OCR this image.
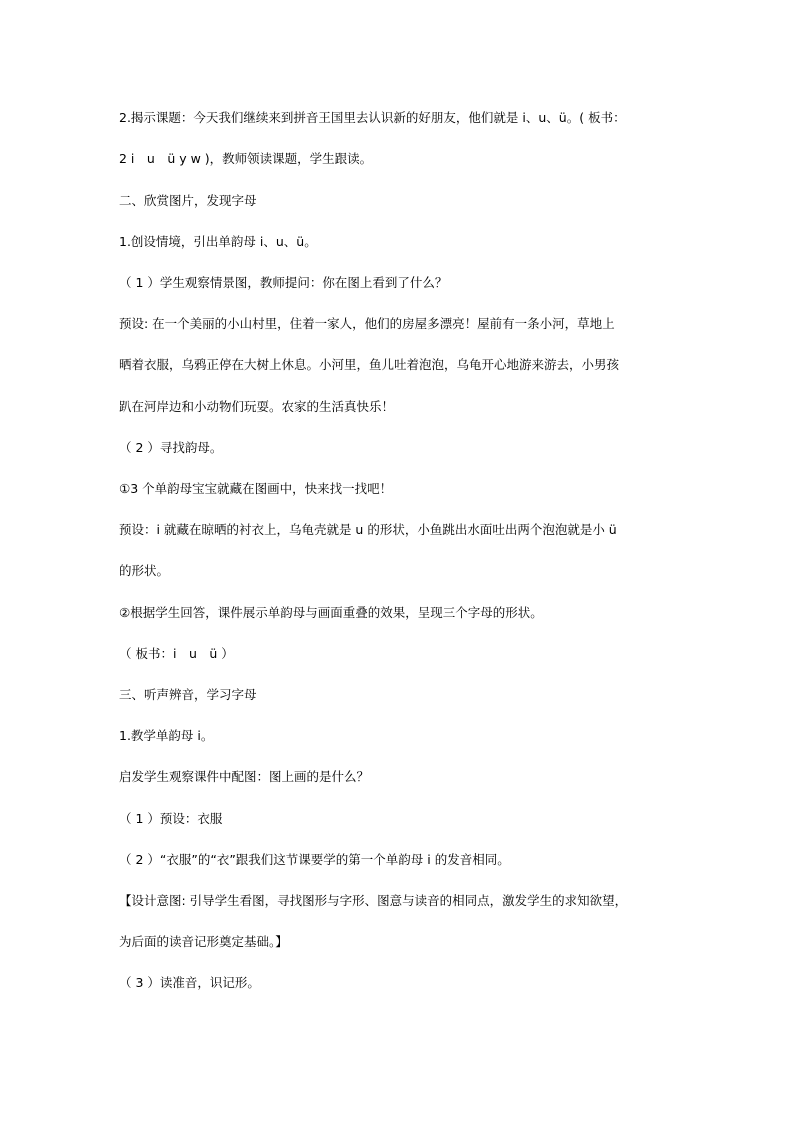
2.揭示课题：今天我们继续来到拼音王国里去认识新的好朋友，他们就是 i、u、ü。( 板书：
2 i　u　ü y w )，教师领读课题，学生跟读。
二、欣赏图片，发现字母
1.创设情境，引出单韵母 i、u、ü。
（ 1 ）学生观察情景图，教师提问：你在图上看到了什么？
预设: 在一个美丽的小山村里，住着一家人，他们的房屋多漂亮！屋前有一条小河，草地上
晒着衣服，乌鸦正停在大树上休息。小河里，鱼儿吐着泡泡，乌龟开心地游来游去，小男孩
趴在河岸边和小动物们玩耍。农家的生活真快乐！
（ 2 ）寻找韵母。
①3 个单韵母宝宝就藏在图画中，快来找一找吧！
预设：i 就藏在晾晒的衬衣上，乌龟壳就是 u 的形状，小鱼跳出水面吐出两个泡泡就是小 ü
的形状。
②根据学生回答，课件展示单韵母与画面重叠的效果，呈现三个字母的形状。
（ 板书：i　u　ü ）
三、听声辨音，学习字母
1.教学单韵母 i。
启发学生观察课件中配图：图上画的是什么？
（ 1 ）预设：衣服
（ 2 ）“衣服”的“衣”跟我们这节课要学的第一个单韵母 i 的发音相同。
【设计意图: 引导学生看图，寻找图形与字形、图意与读音的相同点，激发学生的求知欲望，
为后面的读音记形奠定基础。】
（ 3 ）读准音，识记形。
